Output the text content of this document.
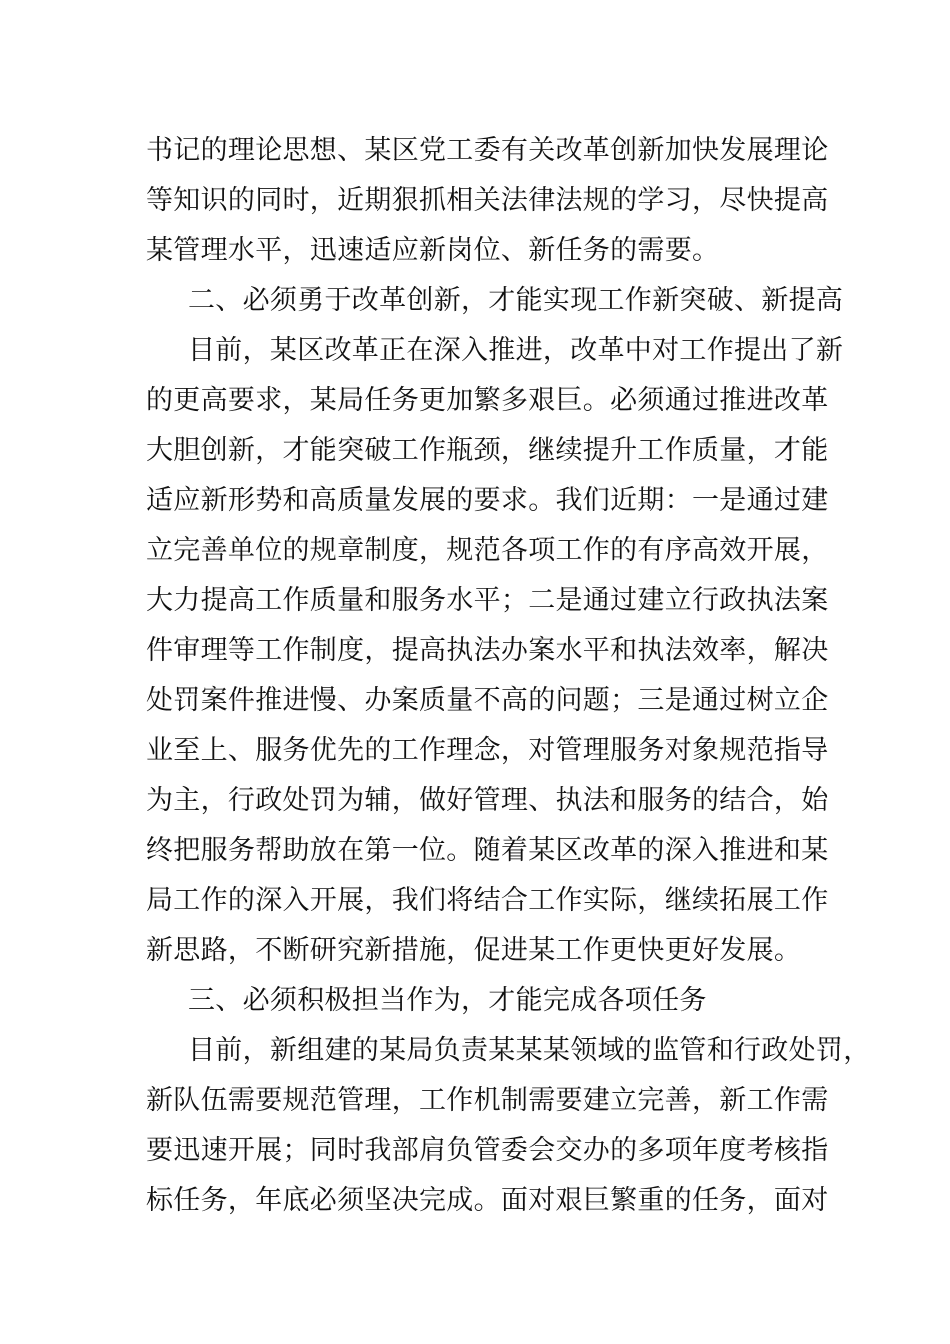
书记的理论思想、某区党工委有关改革创新加快发展理论
等知识的同时，近期狠抓相关法律法规的学习，尽快提高
某管理水平，迅速适应新岗位、新任务的需要。
二、必须勇于改革创新，才能实现工作新突破、新提高
目前，某区改革正在深入推进，改革中对工作提出了新
的更高要求，某局任务更加繁多艰巨。必须通过推进改革
大胆创新，才能突破工作瓶颈，继续提升工作质量，才能
适应新形势和高质量发展的要求。我们近期：一是通过建
立完善单位的规章制度，规范各项工作的有序高效开展，
大力提高工作质量和服务水平；二是通过建立行政执法案
件审理等工作制度，提高执法办案水平和执法效率，解决
处罚案件推进慢、办案质量不高的问题；三是通过树立企
业至上、服务优先的工作理念，对管理服务对象规范指导
为主，行政处罚为辅，做好管理、执法和服务的结合，始
终把服务帮助放在第一位。随着某区改革的深入推进和某
局工作的深入开展，我们将结合工作实际，继续拓展工作
新思路，不断研究新措施，促进某工作更快更好发展。
三、必须积极担当作为，才能完成各项任务
目前，新组建的某局负责某某某领域的监管和行政处罚，
新队伍需要规范管理，工作机制需要建立完善，新工作需
要迅速开展；同时我部肩负管委会交办的多项年度考核指
标任务，年底必须坚决完成。面对艰巨繁重的任务，面对
